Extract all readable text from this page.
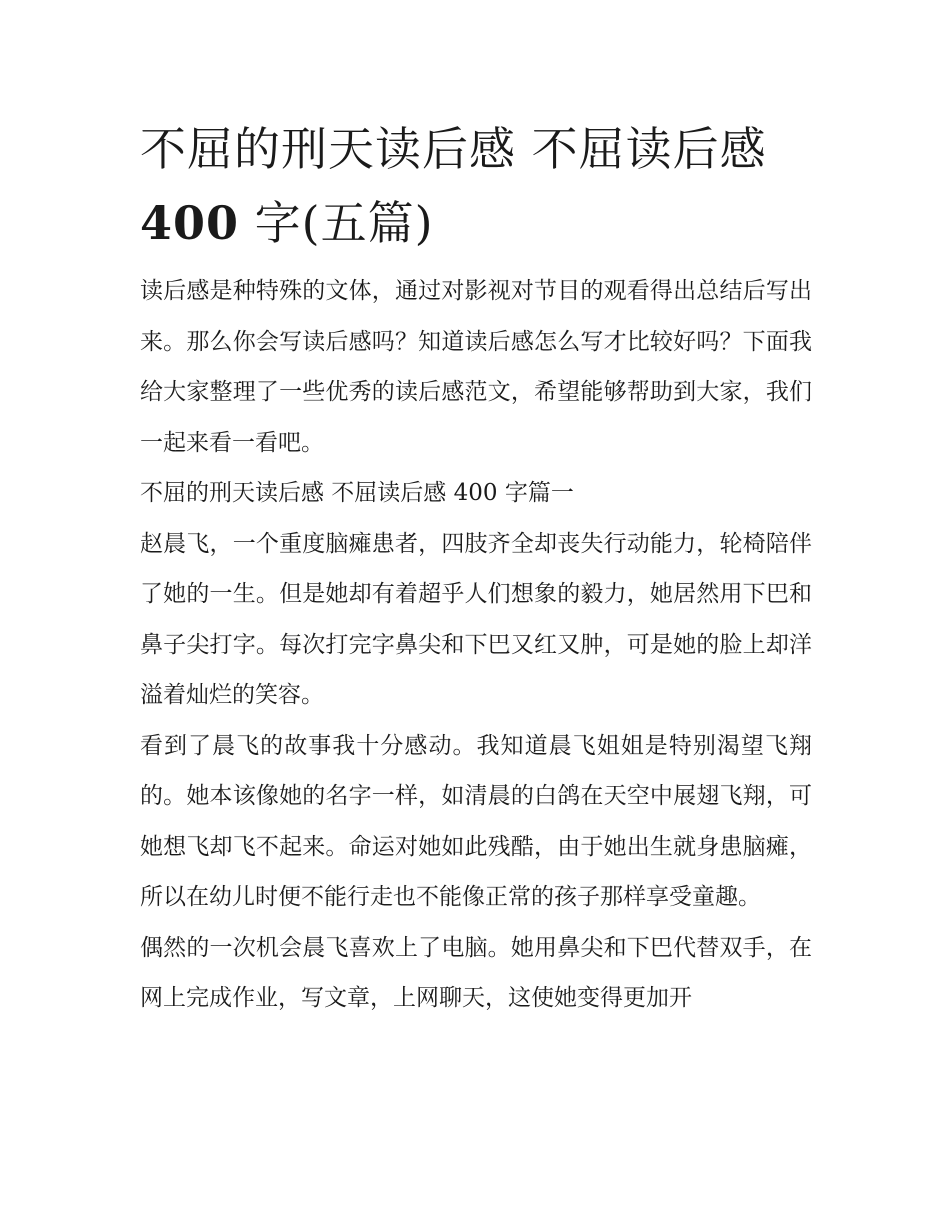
不屈的刑天读后感 不屈读后感
400 字(五篇)

读后感是种特殊的文体，通过对影视对节目的观看得出总结后写出来。那么你会写读后感吗？知道读后感怎么写才比较好吗？下面我给大家整理了一些优秀的读后感范文，希望能够帮助到大家，我们一起来看一看吧。

不屈的刑天读后感 不屈读后感 400 字篇一

赵晨飞，一个重度脑瘫患者，四肢齐全却丧失行动能力，轮椅陪伴了她的一生。但是她却有着超乎人们想象的毅力，她居然用下巴和鼻子尖打字。每次打完字鼻尖和下巴又红又肿，可是她的脸上却洋溢着灿烂的笑容。

看到了晨飞的故事我十分感动。我知道晨飞姐姐是特别渴望飞翔的。她本该像她的名字一样，如清晨的白鸽在天空中展翅飞翔，可她想飞却飞不起来。命运对她如此残酷，由于她出生就身患脑瘫，所以在幼儿时便不能行走也不能像正常的孩子那样享受童趣。

偶然的一次机会晨飞喜欢上了电脑。她用鼻尖和下巴代替双手，在网上完成作业，写文章，上网聊天，这使她变得更加开
